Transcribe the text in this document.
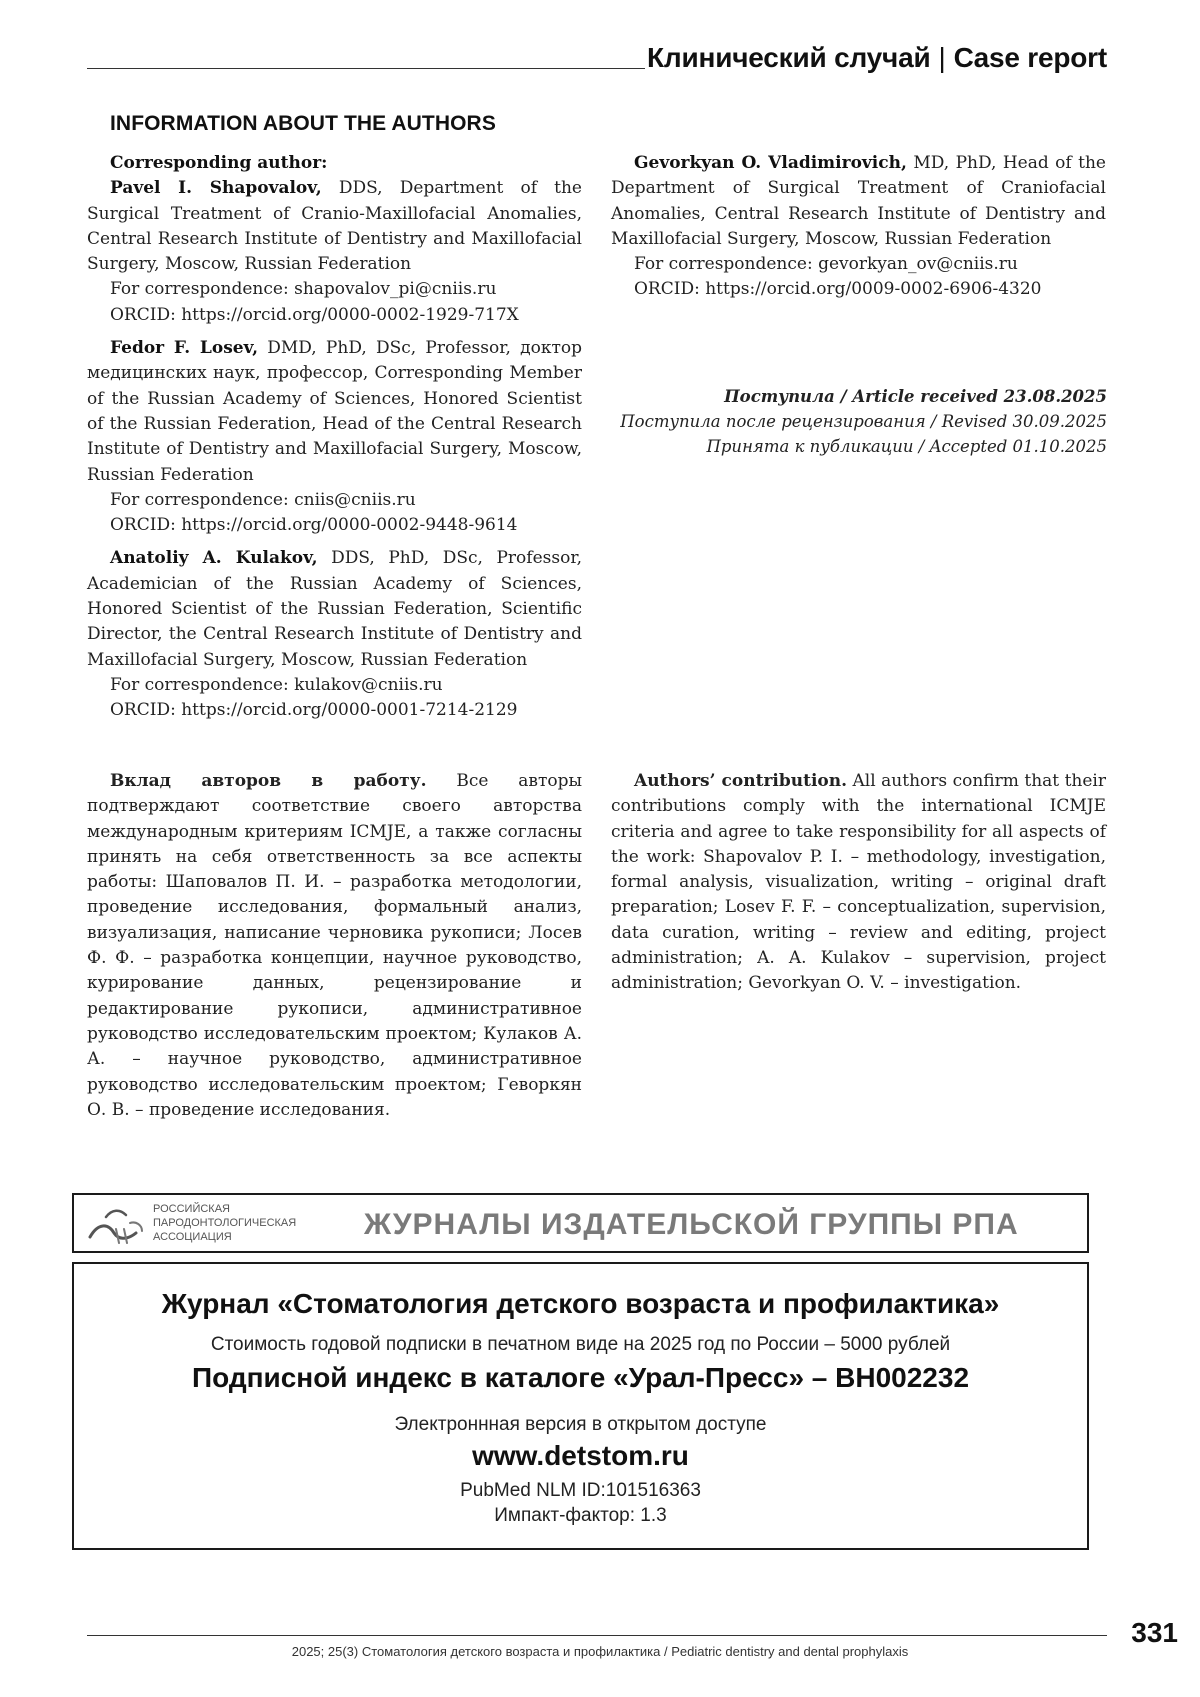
Клинический случай | Case report
INFORMATION ABOUT THE AUTHORS

Corresponding author:

Pavel I. Shapovalov, DDS, Department of the Surgical Treatment of Cranio-Maxillofacial Anomalies, Central Research Institute of Dentistry and Maxillofacial Surgery, Moscow, Russian Federation

For correspondence: shapovalov_pi@cniis.ru

ORCID: https://orcid.org/0000-0002-1929-717X

Fedor F. Losev, DMD, PhD, DSc, Professor, доктор медицинских наук, профессор, Corresponding Member of the Russian Academy of Sciences, Honored Scientist of the Russian Federation, Head of the Central Research Institute of Dentistry and Maxillofacial Surgery, Moscow, Russian Federation

For correspondence: cniis@cniis.ru

ORCID: https://orcid.org/0000-0002-9448-9614

Anatoliy A. Kulakov, DDS, PhD, DSc, Professor, Academician of the Russian Academy of Sciences, Honored Scientist of the Russian Federation, Scientific Director, the Central Research Institute of Dentistry and Maxillofacial Surgery, Moscow, Russian Federation

For correspondence: kulakov@cniis.ru

ORCID: https://orcid.org/0000-0001-7214-2129

Gevorkyan O. Vladimirovich, MD, PhD, Head of the Department of Surgical Treatment of Craniofacial Anomalies, Central Research Institute of Dentistry and Maxillofacial Surgery, Moscow, Russian Federation

For correspondence: gevorkyan_ov@cniis.ru

ORCID: https://orcid.org/0009-0002-6906-4320

Поступила / Article received 23.08.2025
Поступила после рецензирования / Revised 30.09.2025
Принята к публикации / Accepted 01.10.2025

Вклад авторов в работу. Все авторы подтверждают соответствие своего авторства международным критериям ICMJE, а также согласны принять на себя ответственность за все аспекты работы: Шаповалов П. И. – разработка методологии, проведение исследования, формальный анализ, визуализация, написание черновика рукописи; Лосев Ф. Ф. – разработка концепции, научное руководство, курирование данных, рецензирование и редактирование рукописи, административное руководство исследовательским проектом; Кулаков А. А. – научное руководство, административное руководство исследовательским проектом; Геворкян О. В. – проведение исследования.

Authors’ contribution. All authors confirm that their contributions comply with the international ICMJE criteria and agree to take responsibility for all aspects of the work: Shapovalov P. I. – methodology, investigation, formal analysis, visualization, writing – original draft preparation; Losev F. F. – conceptualization, supervision, data curation, writing – review and editing, project administration; A. A. Kulakov – supervision, project administration; Gevorkyan O. V. – investigation.

РОССИЙСКАЯ
ПАРОДОНТОЛОГИЧЕСКАЯ
АССОЦИАЦИЯ	ЖУРНАЛЫ ИЗДАТЕЛЬСКОЙ ГРУППЫ РПА
Журнал «Стоматология детского возраста и профилактика»
Стоимость годовой подписки в печатном виде на 2025 год по России – 5000 рублей
Подписной индекс в каталоге «Урал-Пресс» – ВН002232
Электроннная версия в открытом доступе
www.detstom.ru
PubMed NLM ID:101516363
Импакт-фактор: 1.3
331
2025; 25(3) Стоматология детского возраста и профилактика / Pediatric dentistry and dental prophylaxis
